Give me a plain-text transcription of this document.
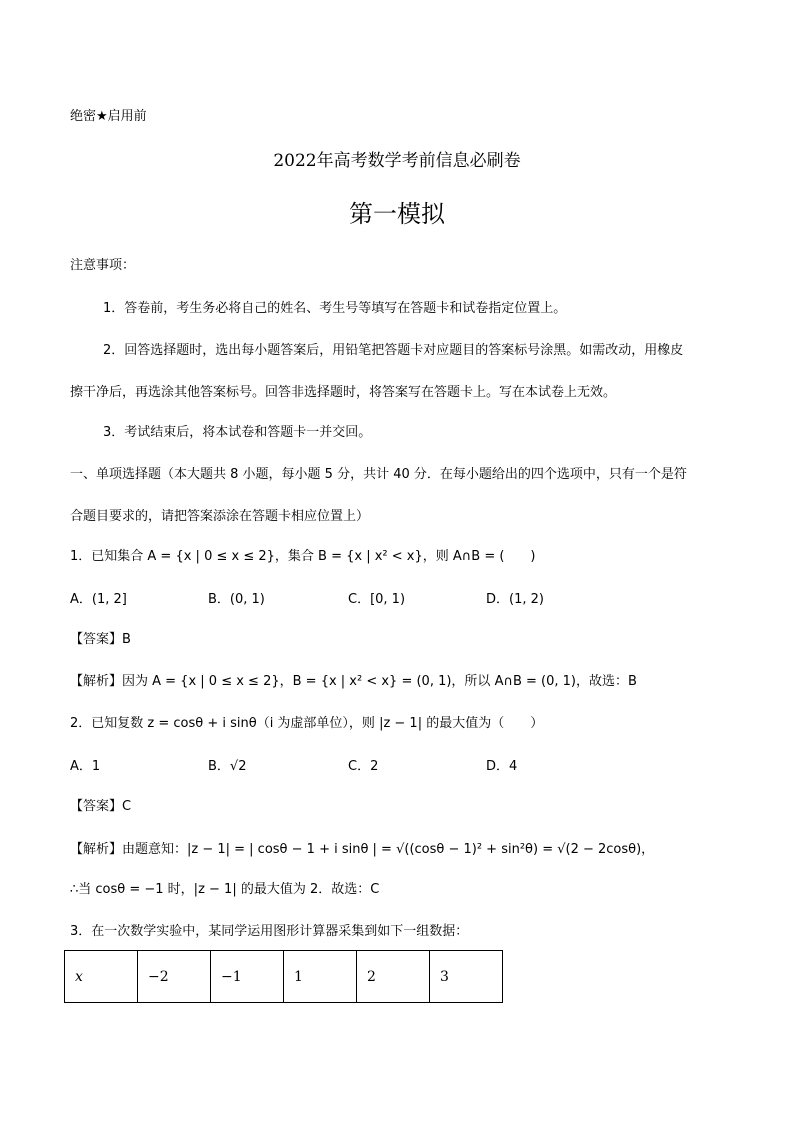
绝密★启用前
2022年高考数学考前信息必刷卷
第一模拟
注意事项：
1．答卷前，考生务必将自己的姓名、考生号等填写在答题卡和试卷指定位置上。
2．回答选择题时，选出每小题答案后，用铅笔把答题卡对应题目的答案标号涂黑。如需改动，用橡皮
擦干净后，再选涂其他答案标号。回答非选择题时，将答案写在答题卡上。写在本试卷上无效。
3．考试结束后，将本试卷和答题卡一并交回。
一、单项选择题（本大题共 8 小题，每小题 5 分，共计 40 分．在每小题给出的四个选项中，只有一个是符
合题目要求的，请把答案添涂在答题卡相应位置上）
1．已知集合 A = {x | 0 ≤ x ≤ 2}，集合 B = {x | x² < x}，则 A∩B = (　　)
A．(1, 2]	B．(0, 1)	C．[0, 1)	D．(1, 2)
【答案】B
【解析】因为 A = {x | 0 ≤ x ≤ 2}，B = {x | x² < x} = (0, 1)，所以 A∩B = (0, 1)，故选：B
2．已知复数 z = cosθ + i sinθ（i 为虚部单位），则 |z − 1| 的最大值为（　　）
A．1	B．√2	C．2	D．4
【答案】C
【解析】由题意知：|z − 1| = | cosθ − 1 + i sinθ | = √((cosθ − 1)² + sin²θ) = √(2 − 2cosθ)，
∴当 cosθ = −1 时，|z − 1| 的最大值为 2．故选：C
3．在一次数学实验中，某同学运用图形计算器采集到如下一组数据：
x	−2	−1	1	2	3
